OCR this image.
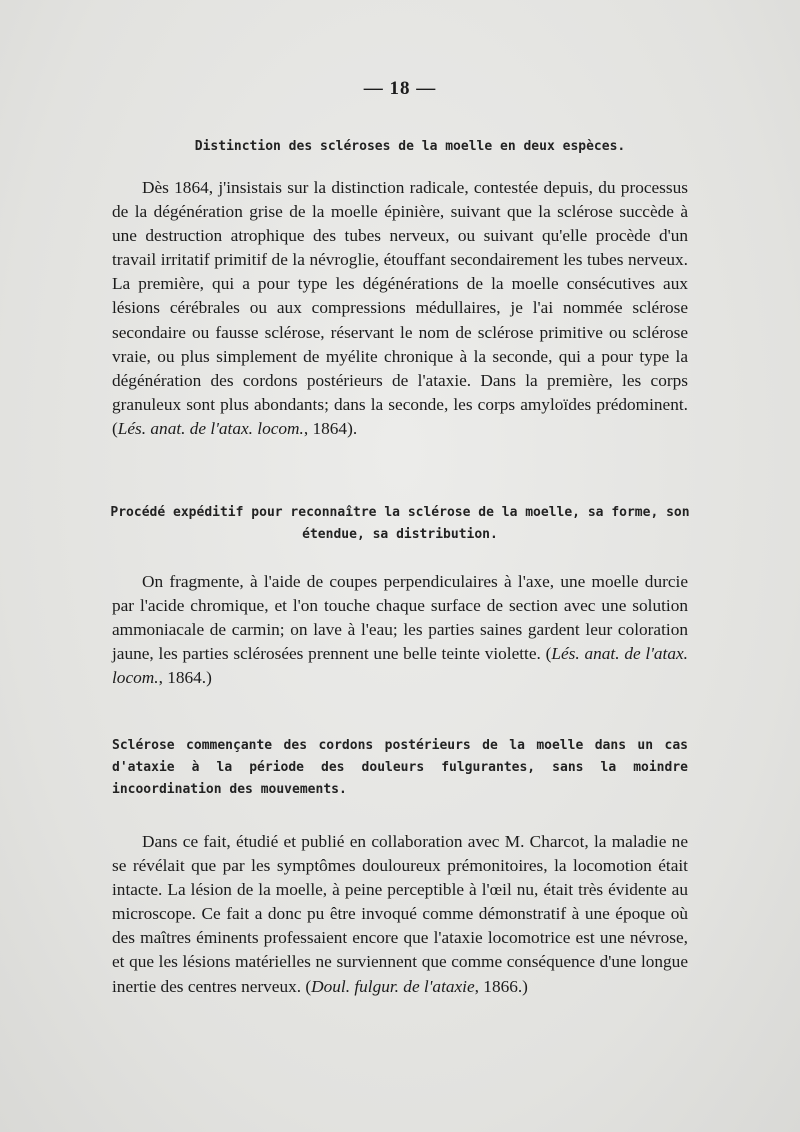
— 18 —
Distinction des scléroses de la moelle en deux espèces.

Dès 1864, j'insistais sur la distinction radicale, contestée depuis, du processus de la dégénération grise de la moelle épinière, suivant que la sclérose succède à une destruction atrophique des tubes nerveux, ou suivant qu'elle procède d'un travail irritatif primitif de la névroglie, étouffant secondairement les tubes nerveux. La première, qui a pour type les dégénérations de la moelle consécutives aux lésions cérébrales ou aux compressions médullaires, je l'ai nommée sclérose secondaire ou fausse sclérose, réservant le nom de sclérose primitive ou sclérose vraie, ou plus simplement de myélite chronique à la seconde, qui a pour type la dégénération des cordons postérieurs de l'ataxie. Dans la première, les corps granuleux sont plus abondants; dans la seconde, les corps amyloïdes prédominent. (Lés. anat. de l'atax. locom., 1864).

Procédé expéditif pour reconnaître la sclérose de la moelle, sa forme, son étendue, sa distribution.

On fragmente, à l'aide de coupes perpendiculaires à l'axe, une moelle durcie par l'acide chromique, et l'on touche chaque surface de section avec une solution ammoniacale de carmin; on lave à l'eau; les parties saines gardent leur coloration jaune, les parties sclérosées prennent une belle teinte violette. (Lés. anat. de l'atax. locom., 1864.)

Sclérose commençante des cordons postérieurs de la moelle dans un cas d'ataxie à la période des douleurs fulgurantes, sans la moindre incoordination des mouvements.

Dans ce fait, étudié et publié en collaboration avec M. Charcot, la maladie ne se révélait que par les symptômes douloureux prémonitoires, la locomotion était intacte. La lésion de la moelle, à peine perceptible à l'œil nu, était très évidente au microscope. Ce fait a donc pu être invoqué comme démonstratif à une époque où des maîtres éminents professaient encore que l'ataxie locomotrice est une névrose, et que les lésions matérielles ne surviennent que comme conséquence d'une longue inertie des centres nerveux. (Doul. fulgur. de l'ataxie, 1866.)
